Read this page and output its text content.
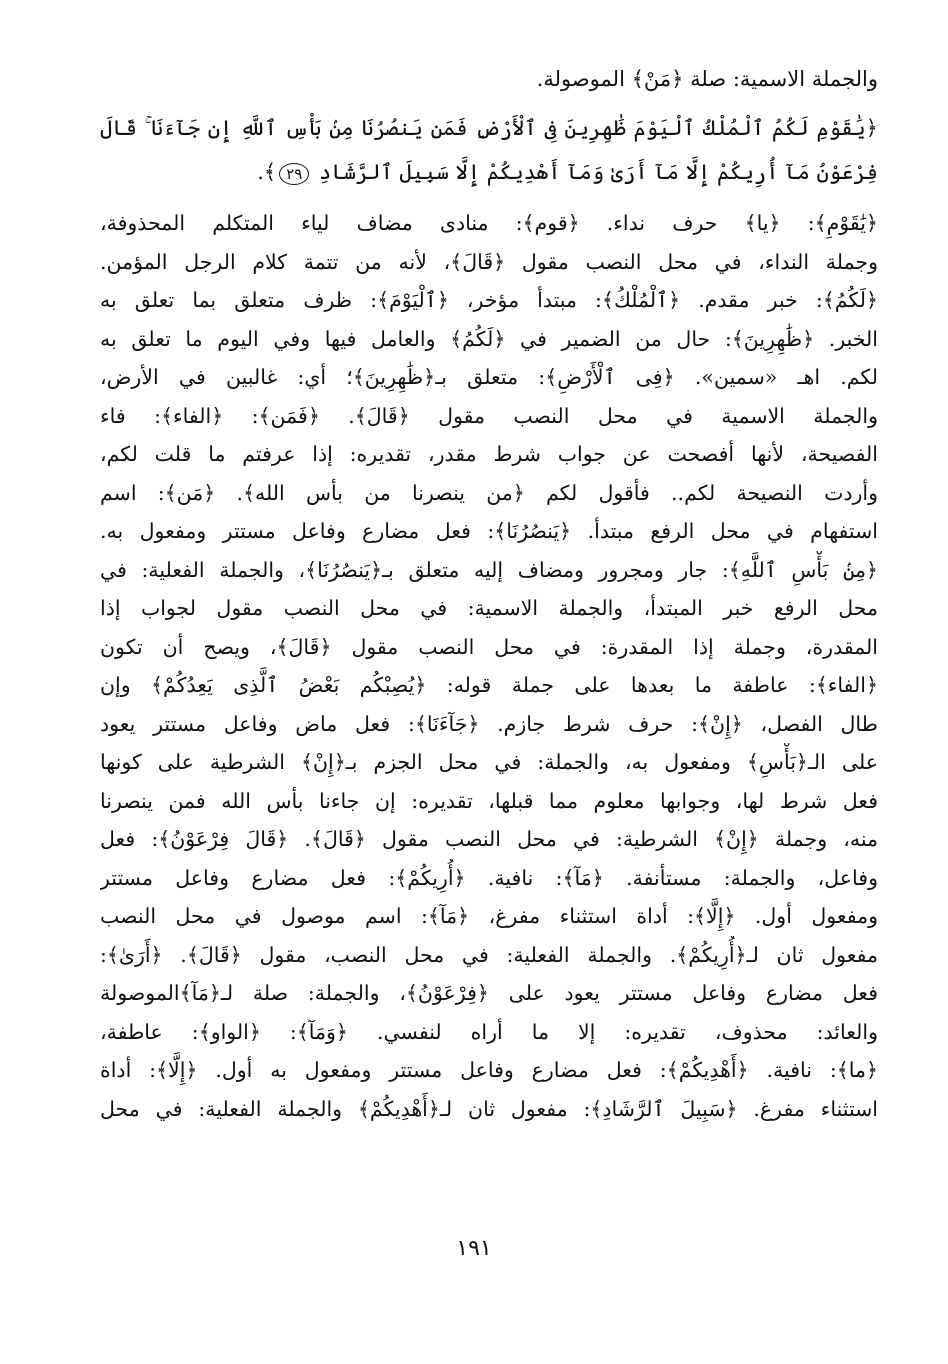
والجملة الاسمية: صلة ﴿مَنْ﴾ الموصولة.

﴿يَٰقَوْمِ لَكُمُ ٱلْمُلْكُ ٱلْيَوْمَ ظَٰهِرِينَ فِى ٱلْأَرْضِ فَمَن يَنصُرُنَا مِنۢ بَأْسِ ٱللَّهِ إِن جَآءَنَا ۚ قَالَ فِرْعَوْنُ مَآ أُرِيكُمْ إِلَّا مَآ أَرَىٰ وَمَآ أَهْدِيكُمْ إِلَّا سَبِيلَ ٱلرَّشَادِ ٢٩﴾.

﴿يَٰقَوْمِ﴾: ﴿يا﴾ حرف نداء. ﴿قوم﴾: منادى مضاف لياء المتكلم المحذوفة،
وجملة النداء، في محل النصب مقول ﴿قَالَ﴾، لأنه من تتمة كلام الرجل المؤمن.
﴿لَكُمُ﴾: خبر مقدم. ﴿ٱلْمُلْكُ﴾: مبتدأ مؤخر، ﴿ٱلْيَوْمَ﴾: ظرف متعلق بما تعلق به
الخبر. ﴿ظَٰهِرِينَ﴾: حال من الضمير في ﴿لَكُمُ﴾ والعامل فيها وفي اليوم ما تعلق به
لكم. اهـ «سمين». ﴿فِى ٱلْأَرْضِ﴾: متعلق بـ﴿ظَٰهِرِينَ﴾؛ أي: غالبين في الأرض،
والجملة الاسمية في محل النصب مقول ﴿قَالَ﴾. ﴿فَمَن﴾: ﴿الفاء﴾: فاء
الفصيحة، لأنها أفصحت عن جواب شرط مقدر، تقديره: إذا عرفتم ما قلت لكم،
وأردت النصيحة لكم.. فأقول لكم ﴿من ينصرنا من بأس الله﴾. ﴿مَن﴾: اسم
استفهام في محل الرفع مبتدأ. ﴿يَنصُرُنَا﴾: فعل مضارع وفاعل مستتر ومفعول به.
﴿مِنۢ بَأْسِ ٱللَّهِ﴾: جار ومجرور ومضاف إليه متعلق بـ﴿يَنصُرُنَا﴾، والجملة الفعلية: في
محل الرفع خبر المبتدأ، والجملة الاسمية: في محل النصب مقول لجواب إذا
المقدرة، وجملة إذا المقدرة: في محل النصب مقول ﴿قَالَ﴾، ويصح أن تكون
﴿الفاء﴾: عاطفة ما بعدها على جملة قوله: ﴿يُصِبْكُم بَعْضُ ٱلَّذِى يَعِدُكُمْ﴾ وإن
طال الفصل، ﴿إِنْ﴾: حرف شرط جازم. ﴿جَآءَنَا﴾: فعل ماض وفاعل مستتر يعود
على الـ﴿بَأْسِ﴾ ومفعول به، والجملة: في محل الجزم بـ﴿إِنْ﴾ الشرطية على كونها
فعل شرط لها، وجوابها معلوم مما قبلها، تقديره: إن جاءنا بأس الله فمن ينصرنا
منه، وجملة ﴿إِنْ﴾ الشرطية: في محل النصب مقول ﴿قَالَ﴾. ﴿قَالَ فِرْعَوْنُ﴾: فعل
وفاعل، والجملة: مستأنفة. ﴿مَآ﴾: نافية. ﴿أُرِيكُمْ﴾: فعل مضارع وفاعل مستتر
ومفعول أول. ﴿إِلَّا﴾: أداة استثناء مفرغ، ﴿مَآ﴾: اسم موصول في محل النصب
مفعول ثان لـ﴿أُرِيكُمْ﴾. والجملة الفعلية: في محل النصب، مقول ﴿قَالَ﴾. ﴿أَرَىٰ﴾:
فعل مضارع وفاعل مستتر يعود على ﴿فِرْعَوْنُ﴾، والجملة: صلة لـ﴿مَآ﴾الموصولة
والعائد: محذوف، تقديره: إلا ما أراه لنفسي. ﴿وَمَآ﴾: ﴿الواو﴾: عاطفة،
﴿ما﴾: نافية. ﴿أَهْدِيكُمْ﴾: فعل مضارع وفاعل مستتر ومفعول به أول. ﴿إِلَّا﴾: أداة
استثناء مفرغ. ﴿سَبِيلَ ٱلرَّشَادِ﴾: مفعول ثان لـ﴿أَهْدِيكُمْ﴾ والجملة الفعلية: في محل
١٩١
